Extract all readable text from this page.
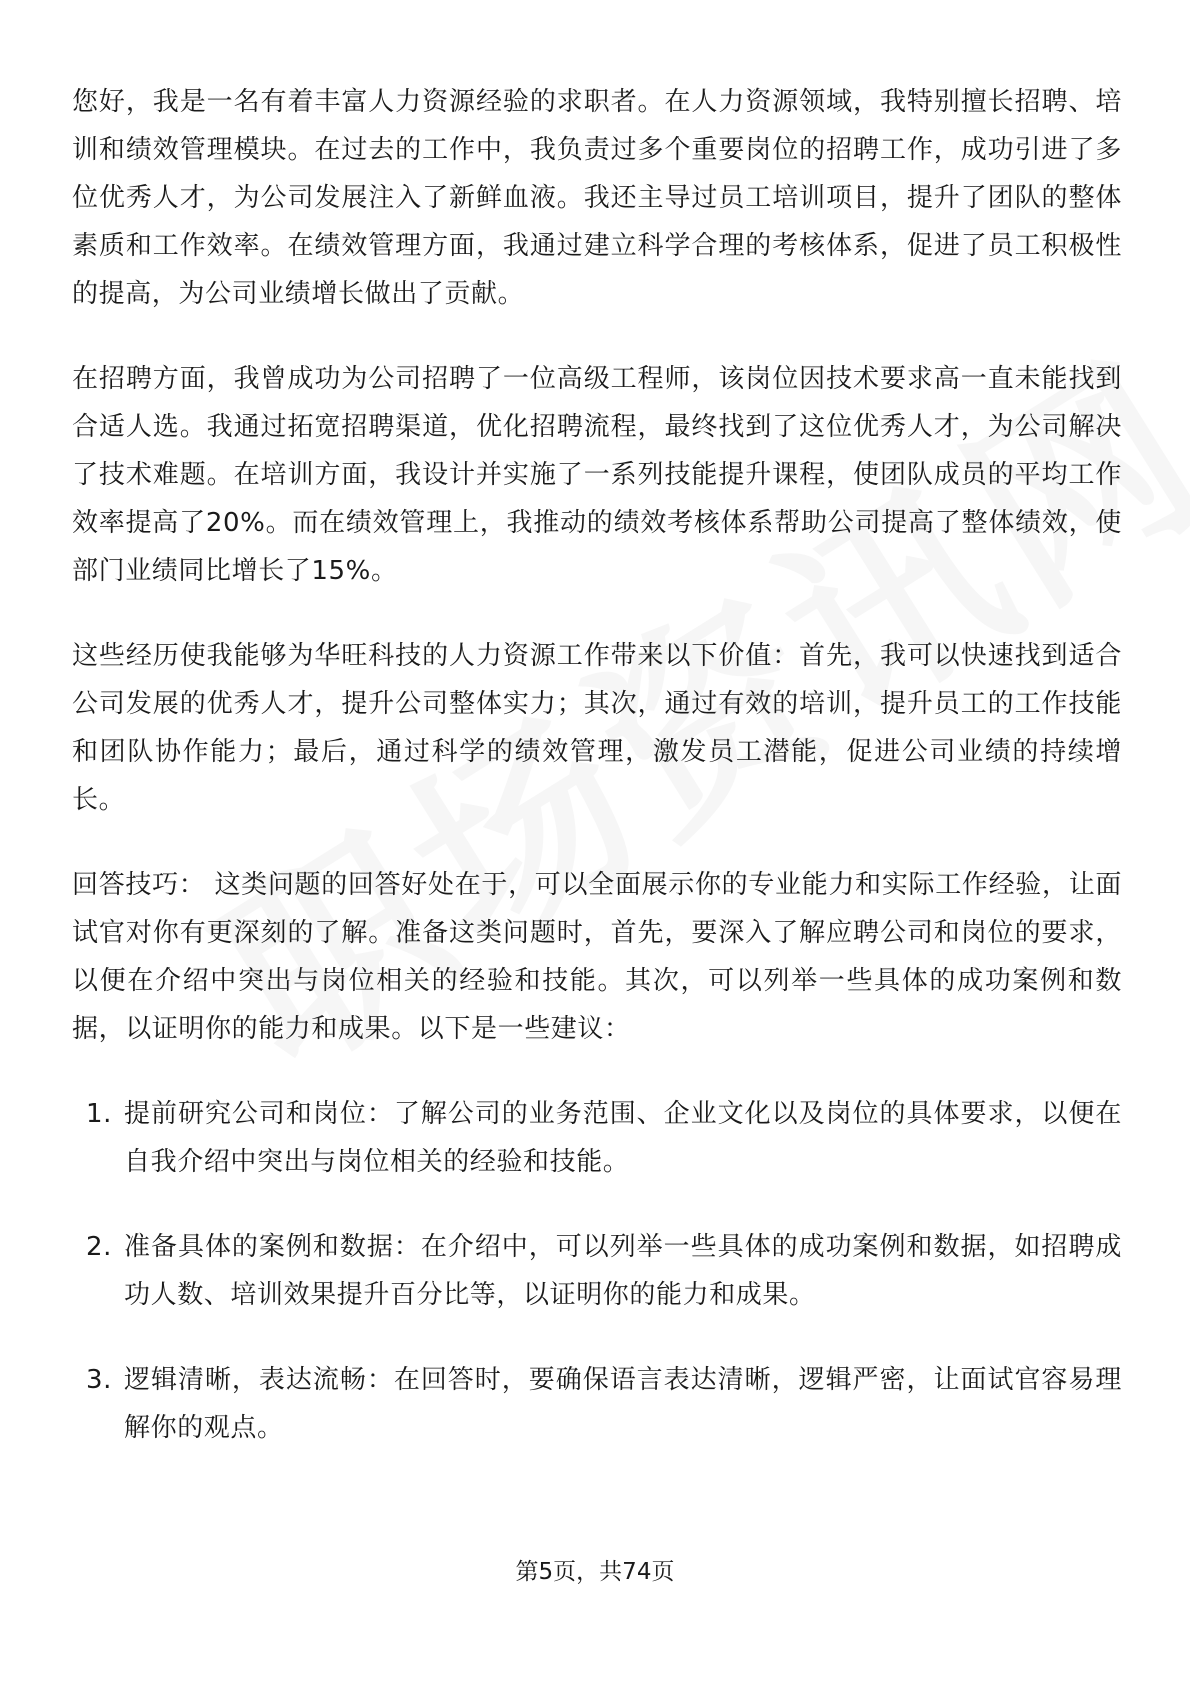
您好，我是一名有着丰富人力资源经验的求职者。在人力资源领域，我特别擅长招聘、培训和绩效管理模块。在过去的工作中，我负责过多个重要岗位的招聘工作，成功引进了多位优秀人才，为公司发展注入了新鲜血液。我还主导过员工培训项目，提升了团队的整体素质和工作效率。在绩效管理方面，我通过建立科学合理的考核体系，促进了员工积极性的提高，为公司业绩增长做出了贡献。

在招聘方面，我曾成功为公司招聘了一位高级工程师，该岗位因技术要求高一直未能找到合适人选。我通过拓宽招聘渠道，优化招聘流程，最终找到了这位优秀人才，为公司解决了技术难题。在培训方面，我设计并实施了一系列技能提升课程，使团队成员的平均工作效率提高了20%。而在绩效管理上，我推动的绩效考核体系帮助公司提高了整体绩效，使部门业绩同比增长了15%。

这些经历使我能够为华旺科技的人力资源工作带来以下价值：首先，我可以快速找到适合公司发展的优秀人才，提升公司整体实力；其次，通过有效的培训，提升员工的工作技能和团队协作能力；最后，通过科学的绩效管理，激发员工潜能，促进公司业绩的持续增长。

回答技巧： 这类问题的回答好处在于，可以全面展示你的专业能力和实际工作经验，让面试官对你有更深刻的了解。准备这类问题时，首先，要深入了解应聘公司和岗位的要求，以便在介绍中突出与岗位相关的经验和技能。其次，可以列举一些具体的成功案例和数据，以证明你的能力和成果。以下是一些建议：

1. 提前研究公司和岗位：了解公司的业务范围、企业文化以及岗位的具体要求，以便在自我介绍中突出与岗位相关的经验和技能。
2. 准备具体的案例和数据：在介绍中，可以列举一些具体的成功案例和数据，如招聘成功人数、培训效果提升百分比等，以证明你的能力和成果。
3. 逻辑清晰，表达流畅：在回答时，要确保语言表达清晰，逻辑严密，让面试官容易理解你的观点。
第5页，共74页
